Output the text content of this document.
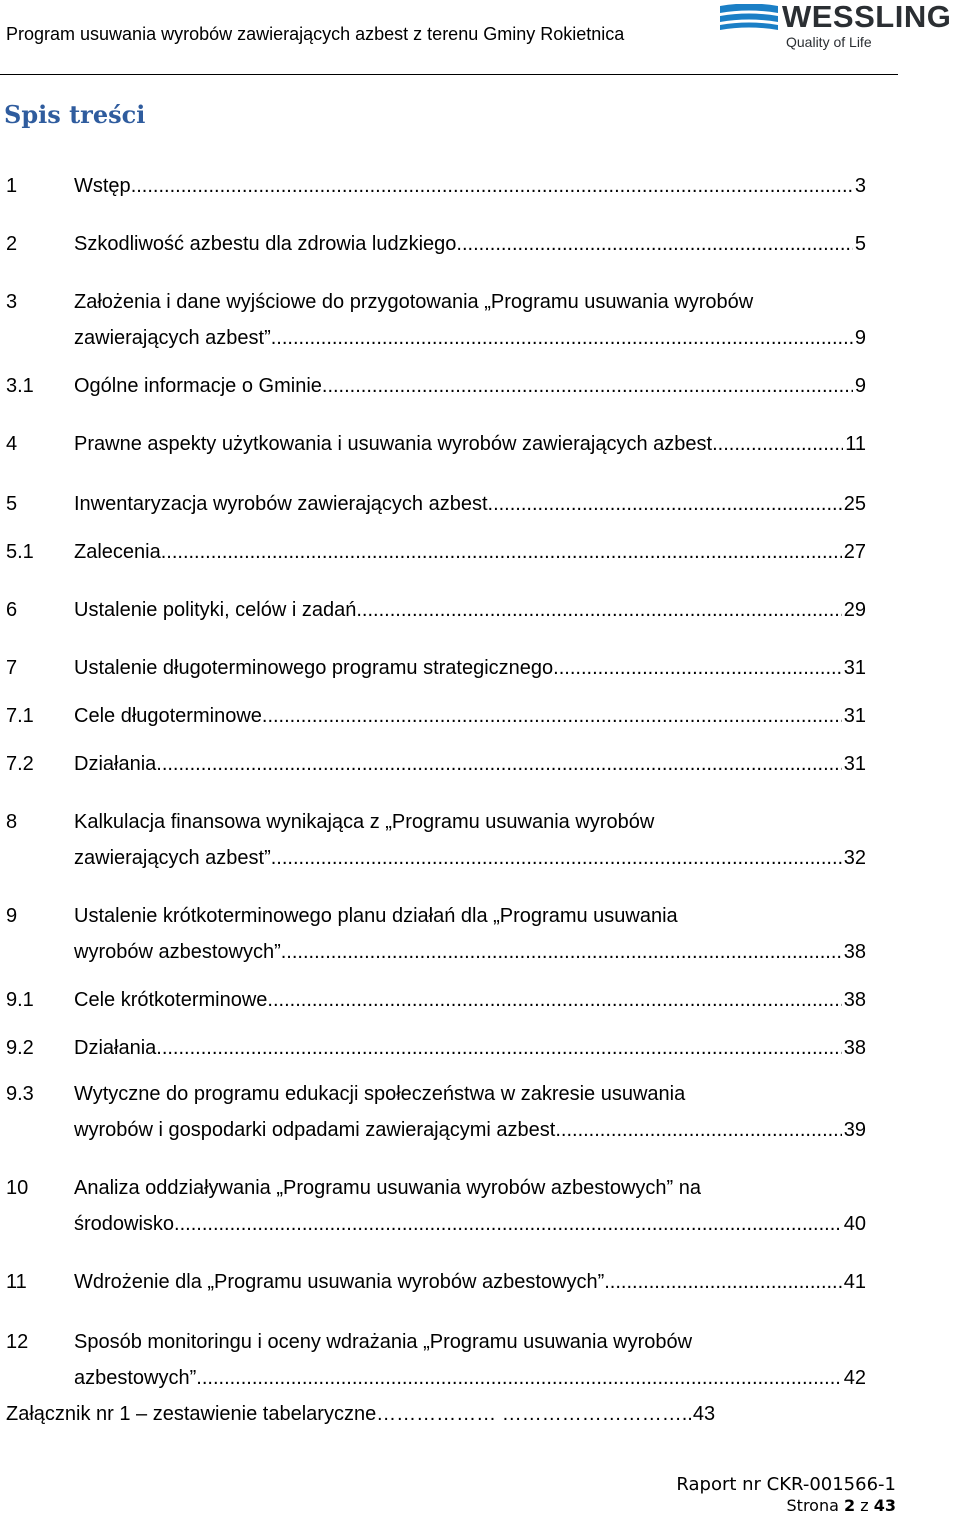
Program usuwania wyrobów zawierających azbest z terenu Gminy Rokietnica	WESSLING
Quality of Life
Spis treści
1	Wstęp .....	3
2	Szkodliwość azbestu dla zdrowia ludzkiego .....	5
3	Założenia i dane wyjściowe do przygotowania „Programu usuwania wyrobów
zawierających azbest” .....	9
3.1 Ogólne informacje o Gminie .....	9
4	Prawne aspekty użytkowania i usuwania wyrobów zawierających azbest .....	11
5	Inwentaryzacja wyrobów zawierających azbest .....	25
5.1 Zalecenia .....	27
6	Ustalenie polityki, celów i zadań .....	29
7	Ustalenie długoterminowego programu strategicznego .....	31
7.1 Cele długoterminowe .....	31
7.2 Działania .....	31
8	Kalkulacja finansowa wynikająca z „Programu usuwania wyrobów
zawierających azbest” .....	32
9	Ustalenie krótkoterminowego planu działań dla „Programu usuwania
wyrobów azbestowych” .....	38
9.1 Cele krótkoterminowe .....	38
9.2 Działania .....	38
9.3 Wytyczne do programu edukacji społeczeństwa w zakresie usuwania
wyrobów i gospodarki odpadami zawierającymi azbest .....	39
10 Analiza oddziaływania „Programu usuwania wyrobów azbestowych” na
środowisko .....	40
11 Wdrożenie dla „Programu usuwania wyrobów azbestowych” .....	41
12 Sposób monitoringu i oceny wdrażania „Programu usuwania wyrobów
azbestowych” .....	42
Załącznik nr 1 – zestawienie tabelaryczne……………… ………………………..43
Raport nr CKR-001566-1
Strona 2 z 43
